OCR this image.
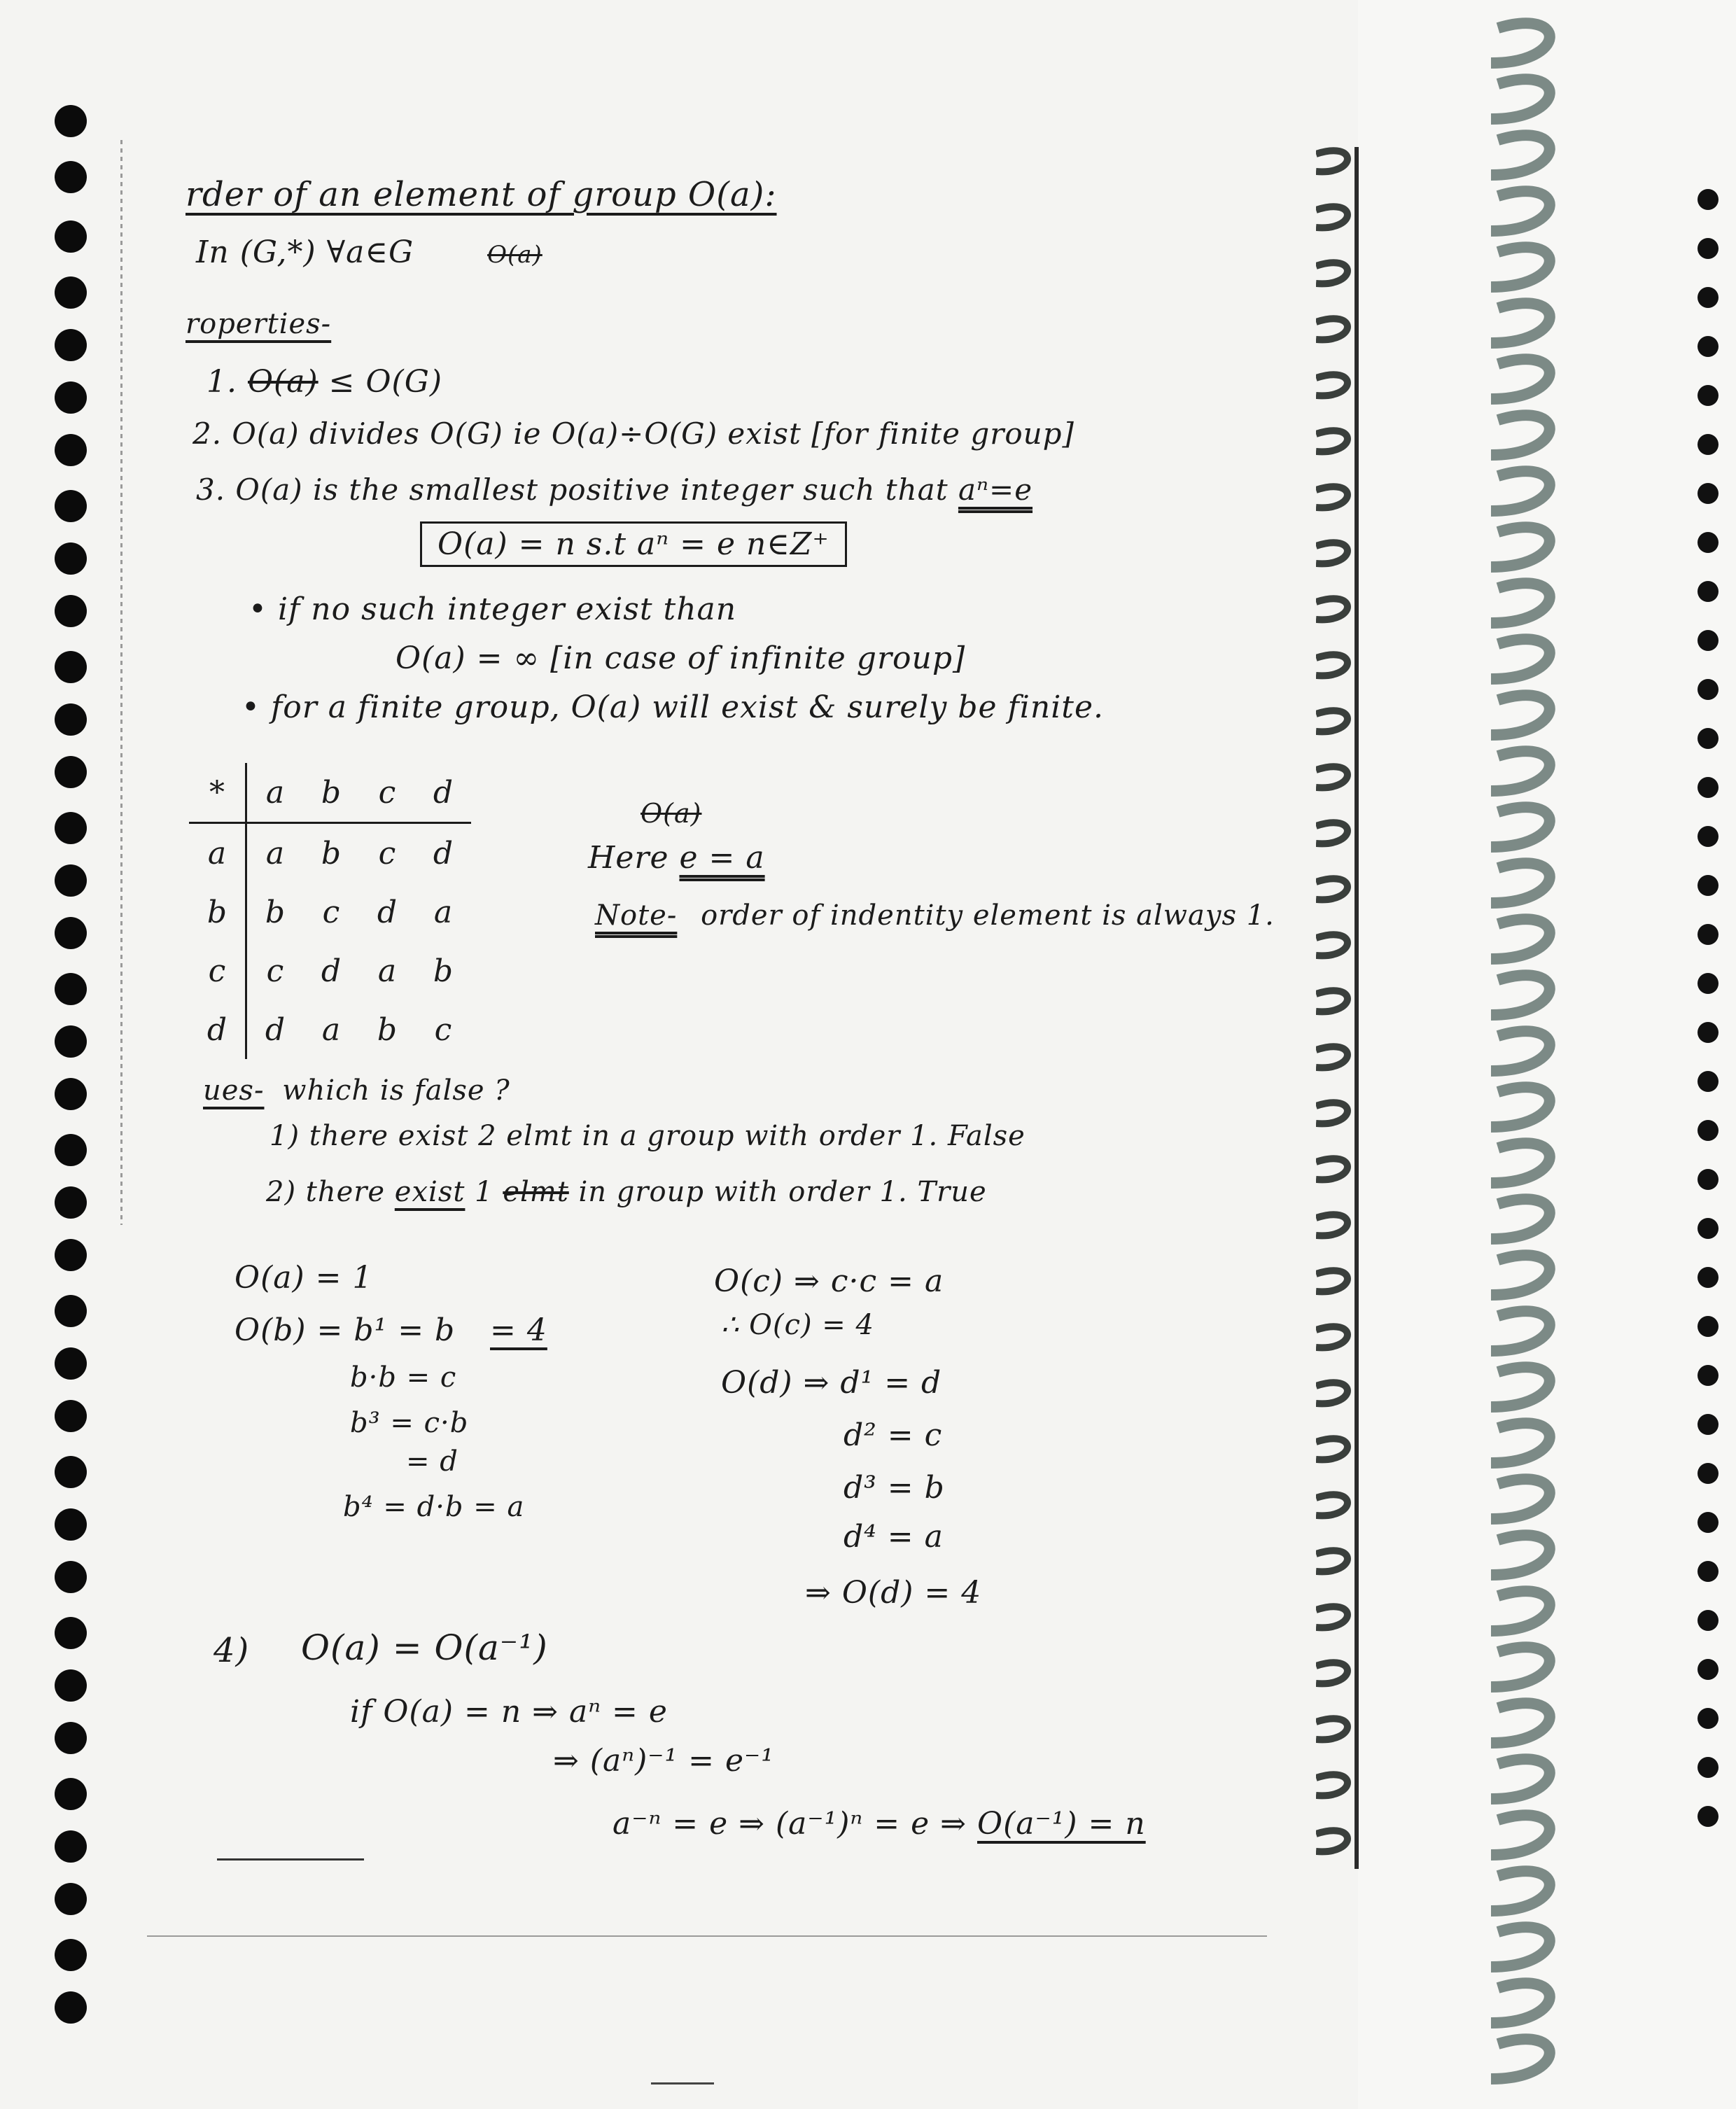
rder of an element of group O(a):
In (G,*) ∀a∈G	O(a)
roperties-
1. O(a) ≤ O(G)
2. O(a) divides O(G) ie O(a)÷O(G) exist [for finite group]
3. O(a) is the smallest positive integer such that aⁿ=e
O(a) = n s.t aⁿ = e n∈Z⁺
• if no such integer exist than
O(a) = ∞ [in case of infinite group]
• for a finite group, O(a) will exist & surely be finite.
*	a	b	c	d
a	a	b	c	d
b	b	c	d	a
c	c	d	a	b
d	d	a	b	c
O(a)
Here e = a
Note- order of indentity element is always 1.
ues- which is false ?
1) there exist 2 elmt in a group with order 1. False
2) there exist 1 elmt in group with order 1. True
O(a) = 1
O(b) = b¹ = b = 4
b·b = c
b³ = c·b
= d
b⁴ = d·b = a
O(c) ⇒ c·c = a
∴ O(c) = 4
O(d) ⇒ d¹ = d
d² = c
d³ = b
d⁴ = a
⇒ O(d) = 4
4) O(a) = O(a⁻¹)
if O(a) = n ⇒ aⁿ = e
⇒ (aⁿ)⁻¹ = e⁻¹
a⁻ⁿ = e ⇒ (a⁻¹)ⁿ = e ⇒ O(a⁻¹) = n
